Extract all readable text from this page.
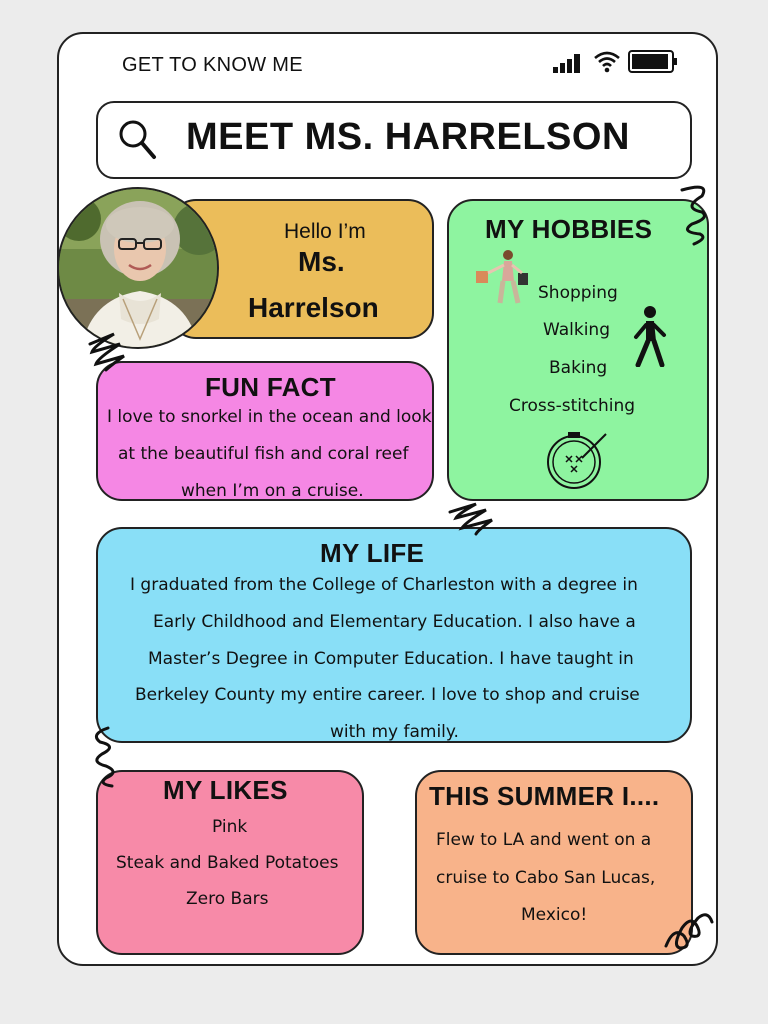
GET TO KNOW ME
MEET MS. HARRELSON
Hello I’m
Ms.
Harrelson
MY HOBBIES
Shopping
Walking
Baking
Cross-stitching
FUN FACT
I love to snorkel in the ocean and look
at the beautiful fish and coral reef
when I’m on a cruise.
MY LIFE
I graduated from the College of Charleston with a degree in
Early Childhood and Elementary Education. I also have a
Master’s Degree in Computer Education. I have taught in
Berkeley County my entire career. I love to shop and cruise
with my family.
MY LIKES
Pink
Steak and Baked Potatoes
Zero Bars
THIS SUMMER I....
Flew to LA and went on a
cruise to Cabo San Lucas,
Mexico!
